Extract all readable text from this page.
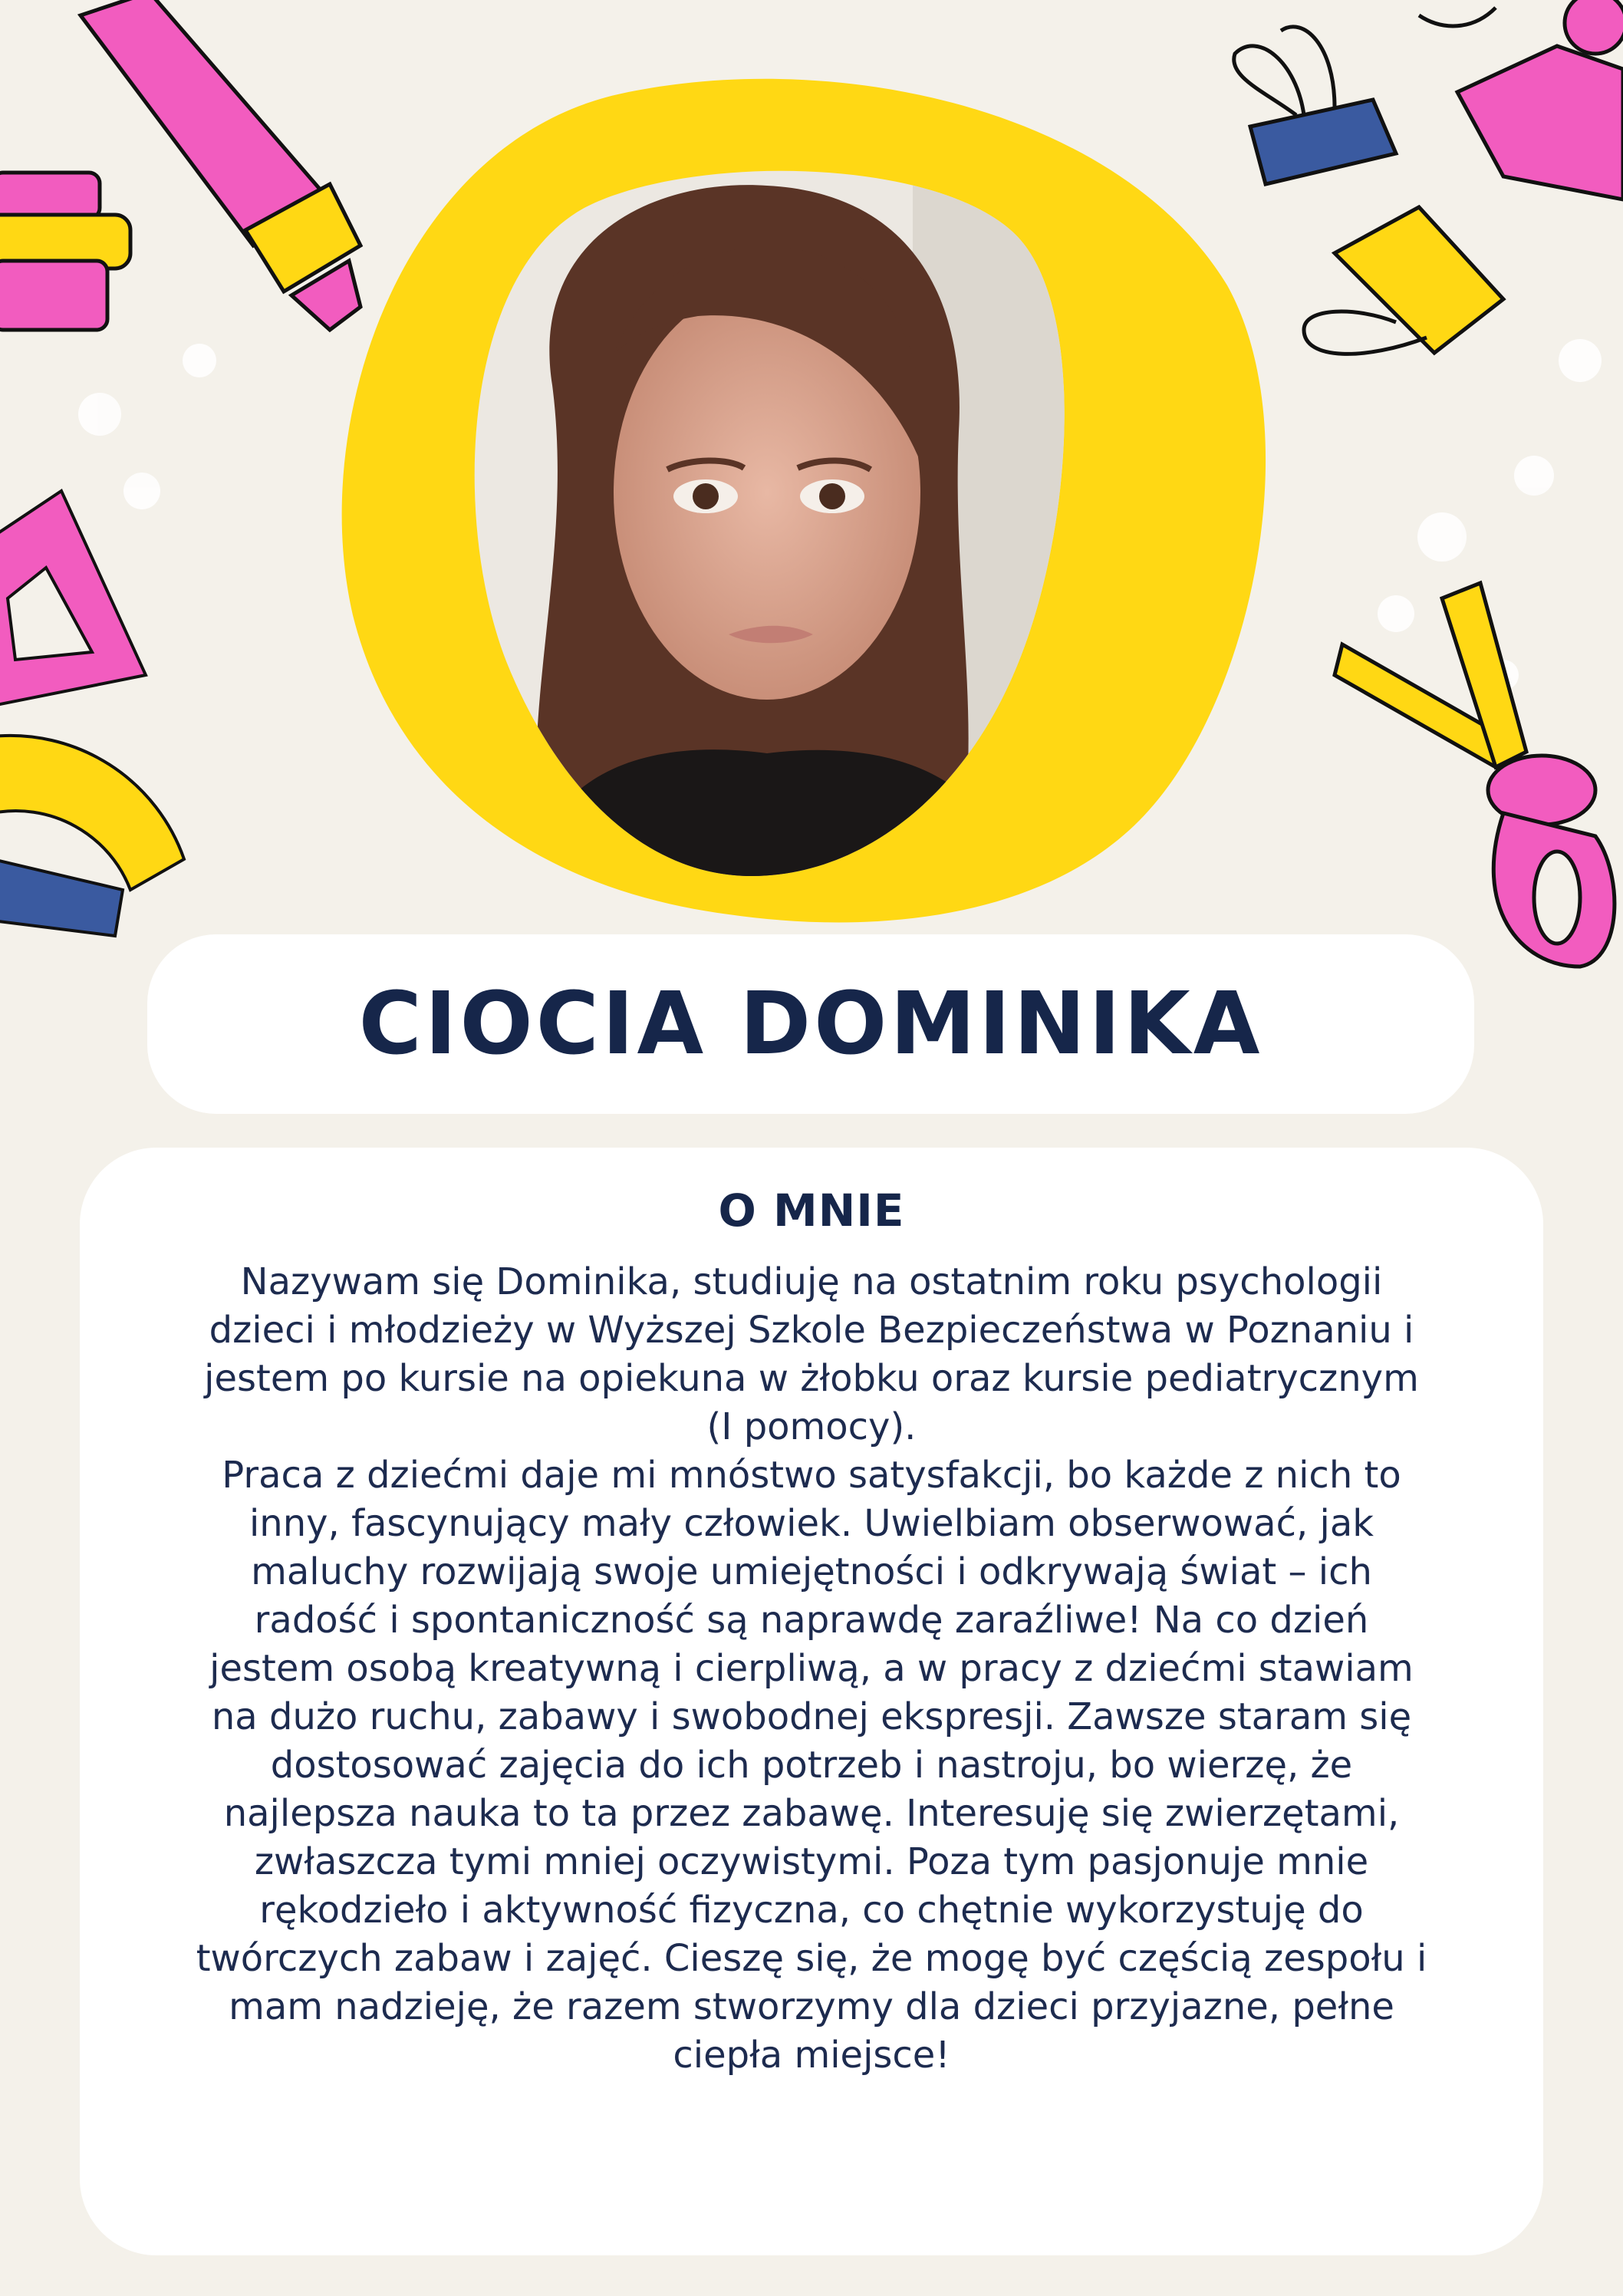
CIOCIA DOMINIKA
O MNIE

Nazywam się Dominika, studiuję na ostatnim roku psychologii dzieci i młodzieży w Wyższej Szkole Bezpieczeństwa w Poznaniu i jestem po kursie na opiekuna w żłobku oraz kursie pediatrycznym (I pomocy).

Praca z dziećmi daje mi mnóstwo satysfakcji, bo każde z nich to inny, fascynujący mały człowiek. Uwielbiam obserwować, jak maluchy rozwijają swoje umiejętności i odkrywają świat – ich radość i spontaniczność są naprawdę zaraźliwe! Na co dzień jestem osobą kreatywną i cierpliwą, a w pracy z dziećmi stawiam na dużo ruchu, zabawy i swobodnej ekspresji. Zawsze staram się dostosować zajęcia do ich potrzeb i nastroju, bo wierzę, że najlepsza nauka to ta przez zabawę. Interesuję się zwierzętami, zwłaszcza tymi mniej oczywistymi. Poza tym pasjonuje mnie rękodzieło i aktywność fizyczna, co chętnie wykorzystuję do twórczych zabaw i zajęć. Cieszę się, że mogę być częścią zespołu i mam nadzieję, że razem stworzymy dla dzieci przyjazne, pełne ciepła miejsce!
